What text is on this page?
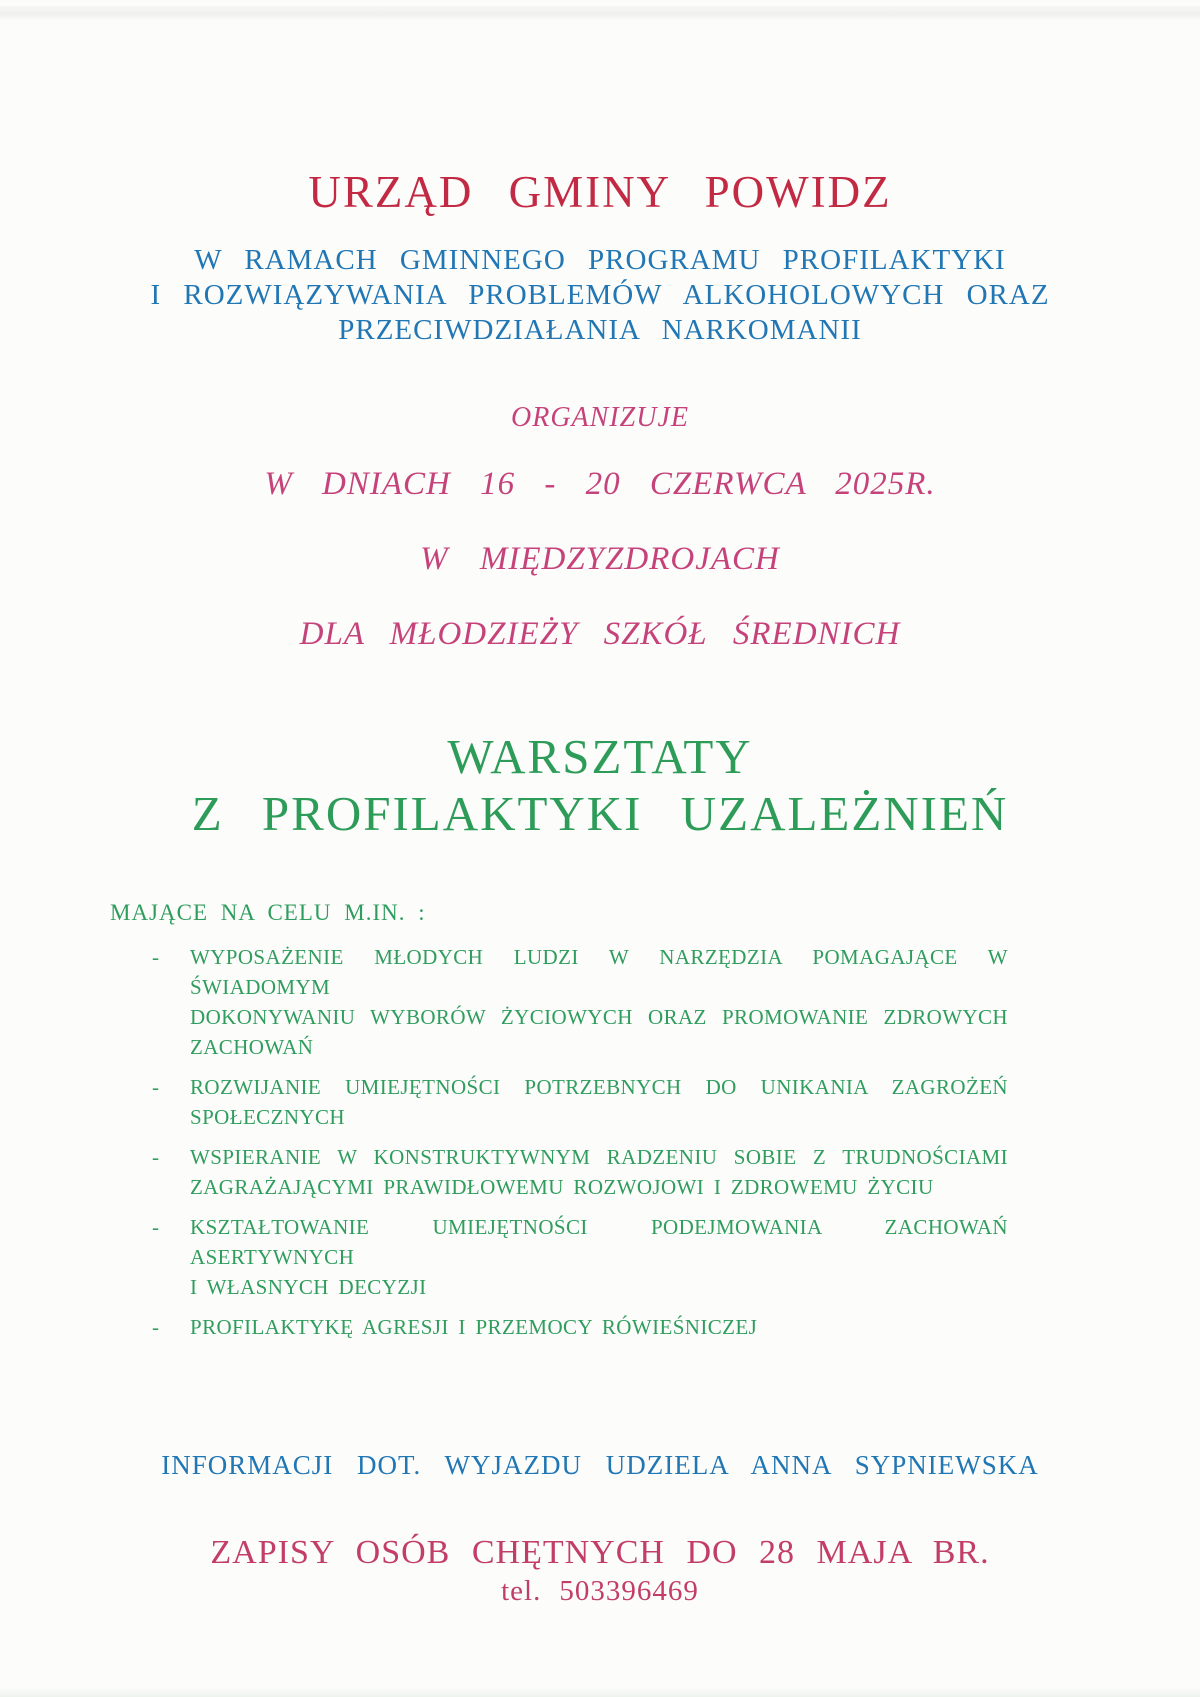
URZĄD GMINY POWIDZ
W RAMACH GMINNEGO PROGRAMU PROFILAKTYKI
I ROZWIĄZYWANIA PROBLEMÓW ALKOHOLOWYCH ORAZ
PRZECIWDZIAŁANIA NARKOMANII
ORGANIZUJE
W DNIACH 16 - 20 CZERWCA 2025R.
W MIĘDZYZDROJACH
DLA MŁODZIEŻY SZKÓŁ ŚREDNICH
WARSZTATY
Z PROFILAKTYKI UZALEŻNIEŃ
MAJĄCE NA CELU M.IN. :
-	WYPOSAŻENIE MŁODYCH LUDZI W NARZĘDZIA POMAGAJĄCE W ŚWIADOMYM
DOKONYWANIU WYBORÓW ŻYCIOWYCH ORAZ PROMOWANIE ZDROWYCH
ZACHOWAŃ
-	ROZWIJANIE UMIEJĘTNOŚCI POTRZEBNYCH DO UNIKANIA ZAGROŻEŃ
SPOŁECZNYCH
-	WSPIERANIE W KONSTRUKTYWNYM RADZENIU SOBIE Z TRUDNOŚCIAMI
ZAGRAŻAJĄCYMI PRAWIDŁOWEMU ROZWOJOWI I ZDROWEMU ŻYCIU
-	KSZTAŁTOWANIE UMIEJĘTNOŚCI PODEJMOWANIA ZACHOWAŃ ASERTYWNYCH
I WŁASNYCH DECYZJI
-	PROFILAKTYKĘ AGRESJI I PRZEMOCY RÓWIEŚNICZEJ
INFORMACJI DOT. WYJAZDU UDZIELA ANNA SYPNIEWSKA
ZAPISY OSÓB CHĘTNYCH DO 28 MAJA BR.
tel. 503396469
